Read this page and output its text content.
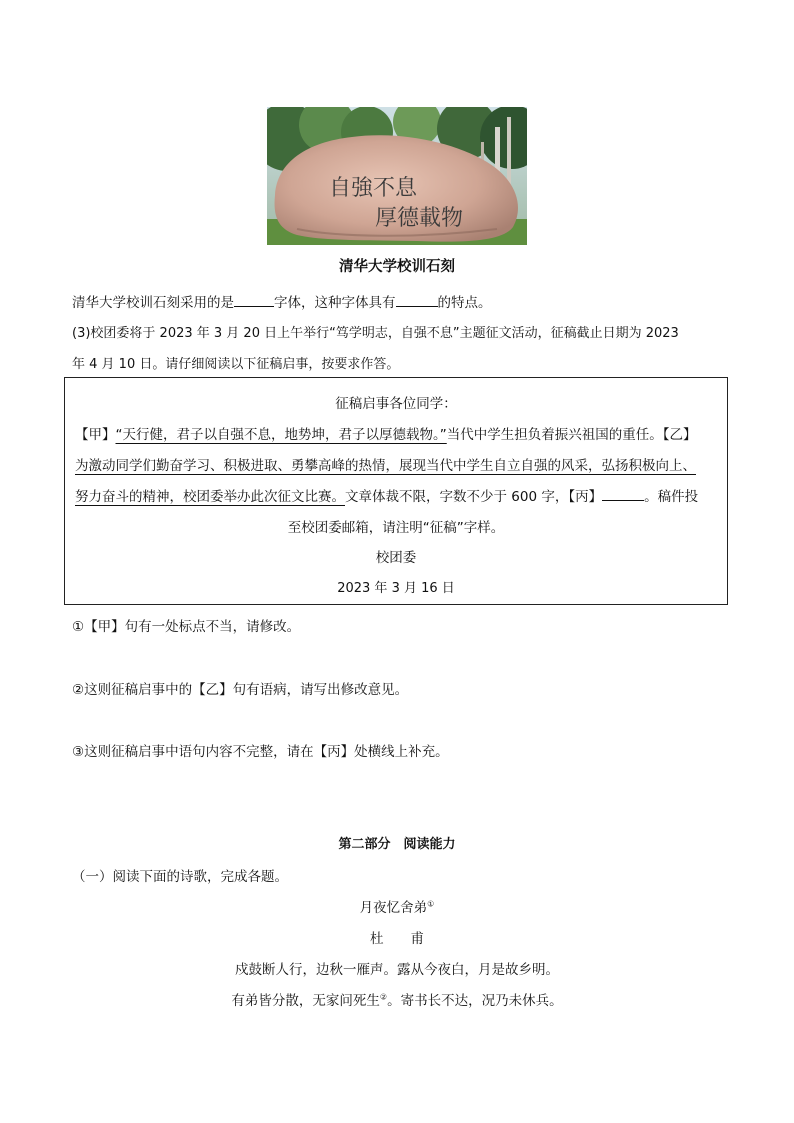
自強不息
厚德載物
清华大学校训石刻
清华大学校训石刻采用的是	字体，这种字体具有	的特点。
(3)校团委将于 2023 年 3 月 20 日上午举行“笃学明志，自强不息”主题征文活动，征稿截止日期为 2023
年 4 月 10 日。请仔细阅读以下征稿启事，按要求作答。
征稿启事各位同学：
【甲】“天行健，君子以自强不息，地势坤，君子以厚德载物。”当代中学生担负着振兴祖国的重任。【乙】
为激动同学们勤奋学习、积极进取、勇攀高峰的热情，展现当代中学生自立自强的风采，弘扬积极向上、
努力奋斗的精神，校团委举办此次征文比赛。文章体裁不限，字数不少于 600 字，【丙】	。稿件投
至校团委邮箱，请注明“征稿”字样。
校团委
2023 年 3 月 16 日
①【甲】句有一处标点不当，请修改。
②这则征稿启事中的【乙】句有语病，请写出修改意见。
③这则征稿启事中语句内容不完整，请在【丙】处横线上补充。
第二部分　阅读能力
（一）阅读下面的诗歌，完成各题。
月夜忆舍弟①
杜　　甫
戍鼓断人行，边秋一雁声。露从今夜白，月是故乡明。
有弟皆分散，无家问死生②。寄书长不达，况乃未休兵。
